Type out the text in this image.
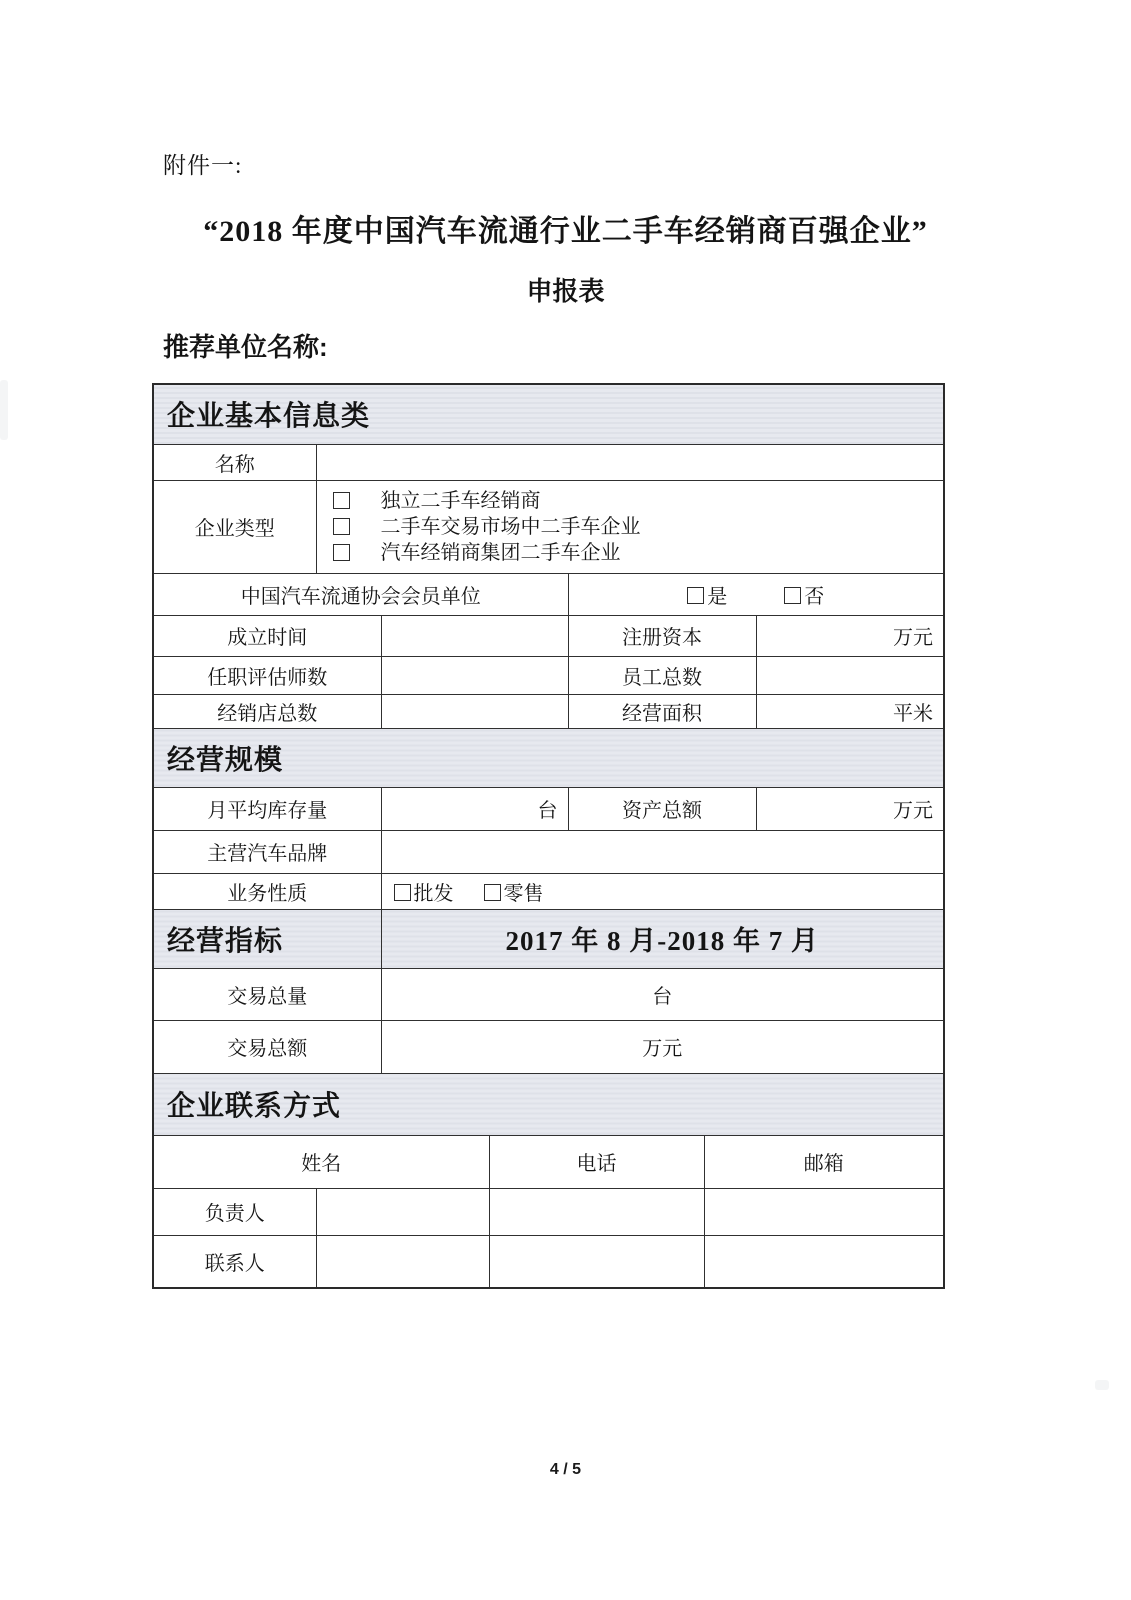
附件一:
“2018 年度中国汽车流通行业二手车经销商百强企业”
申报表
推荐单位名称:
企业基本信息类						
名称						
企业类型	独立二手车经销商
二手车交易市场中二手车企业
汽车经销商集团二手车企业					

中国汽车流通协会会员单位				是 否		
成立时间				注册资本		万元
任职评估师数				员工总数		
经销店总数				经营面积		平米
经营规模						
月平均库存量		台		资产总额		万元
主营汽车品牌						
业务性质		批发 零售				
经营指标		2017 年 8 月-2018 年 7 月				
交易总量		台				
交易总额		万元				
企业联系方式						
姓名			电话		邮箱	
负责人						
联系人						
4 / 5
